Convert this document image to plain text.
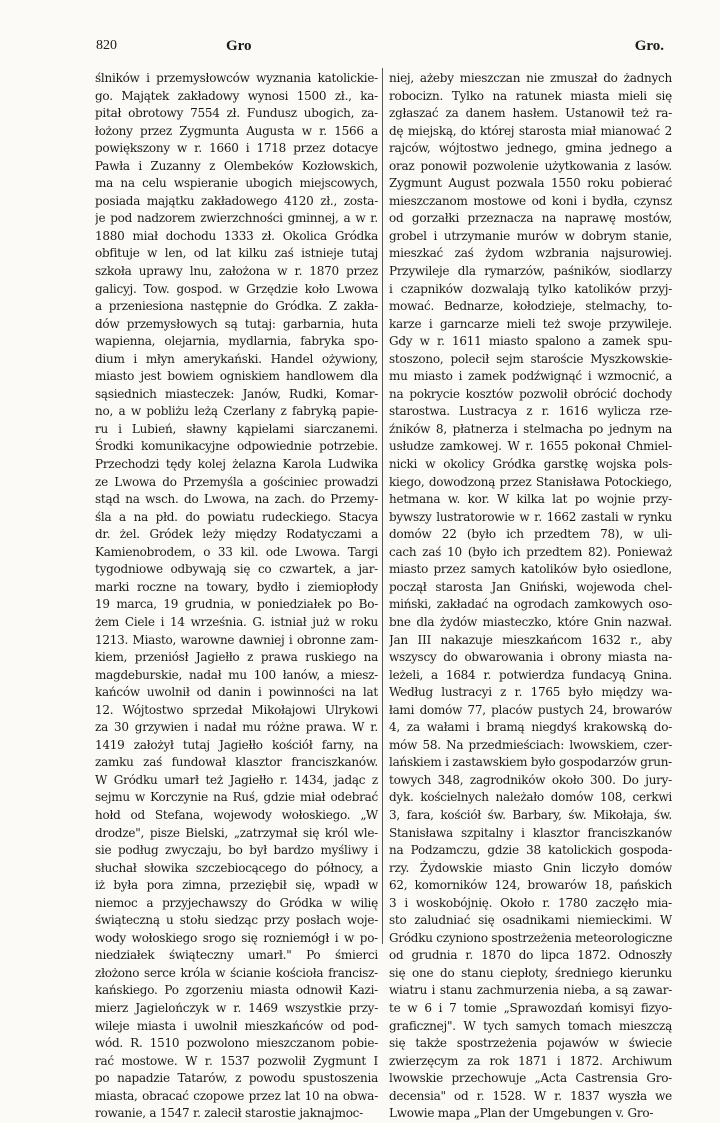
820	Gro	Gro.
ślników i przemysłowców wyznania katolickie-
go. Majątek zakładowy wynosi 1500 zł., ka-
pitał obrotowy 7554 zł. Fundusz ubogich, za-
łożony przez Zygmunta Augusta w r. 1566 a
powiększony w r. 1660 i 1718 przez dotacye
Pawła i Zuzanny z Olembeków Kozłowskich,
ma na celu wspieranie ubogich miejscowych,
posiada majątku zakładowego 4120 zł., zosta-
je pod nadzorem zwierzchności gminnej, a w r.
1880 miał dochodu 1333 zł. Okolica Gródka
obfituje w len, od lat kilku zaś istnieje tutaj
szkoła uprawy lnu, założona w r. 1870 przez
galicyj. Tow. gospod. w Grzędzie koło Lwowa
a przeniesiona następnie do Gródka. Z zakła-
dów przemysłowych są tutaj: garbarnia, huta
wapienna, olejarnia, mydlarnia, fabryka spo-
dium i młyn amerykański. Handel ożywiony,
miasto jest bowiem ogniskiem handlowem dla
sąsiednich miasteczek: Janów, Rudki, Komar-
no, a w pobliżu leżą Czerlany z fabryką papie-
ru i Lubień, sławny kąpielami siarczanemi.
Środki komunikacyjne odpowiednie potrzebie.
Przechodzi tędy kolej żelazna Karola Ludwika
ze Lwowa do Przemyśla a gościniec prowadzi
stąd na wsch. do Lwowa, na zach. do Przemy-
śla a na płd. do powiatu rudeckiego. Stacya
dr. żel. Gródek leży między Rodatyczami a
Kamienobrodem, o 33 kil. ode Lwowa. Targi
tygodniowe odbywają się co czwartek, a jar-
marki roczne na towary, bydło i ziemiopłody
19 marca, 19 grudnia, w poniedziałek po Bo-
żem Ciele i 14 września. G. istniał już w roku
1213. Miasto, warowne dawniej i obronne zam-
kiem, przeniósł Jagiełło z prawa ruskiego na
magdeburskie, nadał mu 100 łanów, a miesz-
kańców uwolnił od danin i powinności na lat
12. Wójtostwo sprzedał Mikołajowi Ulrykowi
za 30 grzywien i nadał mu różne prawa. W r.
1419 założył tutaj Jagiełło kościół farny, na
zamku zaś fundował klasztor franciszkanów.
W Gródku umarł też Jagiełło r. 1434, jadąc z
sejmu w Korczynie na Ruś, gdzie miał odebrać
hołd od Stefana, wojewody wołoskiego. „W
drodze", pisze Bielski, „zatrzymał się król wle-
sie podług zwyczaju, bo był bardzo myśliwy i
słuchał słowika szczebiocącego do północy, a
iż była pora zimna, przeziębił się, wpadł w
niemoc a przyjechawszy do Gródka w wilię
świąteczną u stołu siedząc przy posłach woje-
wody wołoskiego srogo się rozniemógł i w po-
niedziałek świąteczny umarł." Po śmierci
złożono serce króla w ścianie kościoła francisz-
kańskiego. Po zgorzeniu miasta odnowił Kazi-
mierz Jagielończyk w r. 1469 wszystkie przy-
wileje miasta i uwolnił mieszkańców od pod-
wód. R. 1510 pozwolono mieszczanom pobie-
rać mostowe. W r. 1537 pozwolił Zygmunt I
po napadzie Tatarów, z powodu spustoszenia
miasta, obracać czopowe przez lat 10 na obwa-
rowanie, a 1547 r. zalecił starostie jaknajmoc-
niej, ażeby mieszczan nie zmuszał do żadnych
robocizn. Tylko na ratunek miasta mieli się
zgłaszać za danem hasłem. Ustanowił też ra-
dę miejską, do której starosta miał mianować 2
rajców, wójtostwo jednego, gmina jednego a
oraz ponowił pozwolenie użytkowania z lasów.
Zygmunt August pozwala 1550 roku pobierać
mieszczanom mostowe od koni i bydła, czynsz
od gorzałki przeznacza na naprawę mostów,
grobel i utrzymanie murów w dobrym stanie,
mieszkać zaś żydom wzbrania najsurowiej.
Przywileje dla rymarzów, paśników, siodlarzy
i czapników dozwalają tylko katolików przyj-
mować. Bednarze, kołodzieje, stelmachy, to-
karze i garncarze mieli też swoje przywileje.
Gdy w r. 1611 miasto spalono a zamek spu-
stoszono, polecił sejm staroście Myszkowskie-
mu miasto i zamek podźwignąć i wzmocnić, a
na pokrycie kosztów pozwolił obrócić dochody
starostwa. Lustracya z r. 1616 wylicza rze-
źników 8, płatnerza i stelmacha po jednym na
usłudze zamkowej. W r. 1655 pokonał Chmiel-
nicki w okolicy Gródka garstkę wojska pols-
kiego, dowodzoną przez Stanisława Potockiego,
hetmana w. kor. W kilka lat po wojnie przy-
bywszy lustratorowie w r. 1662 zastali w rynku
domów 22 (było ich przedtem 78), w uli-
cach zaś 10 (było ich przedtem 82). Ponieważ
miasto przez samych katolików było osiedlone,
począł starosta Jan Gniński, wojewoda chel-
miński, zakładać na ogrodach zamkowych oso-
bne dla żydów miasteczko, które Gnin nazwał.
Jan III nakazuje mieszkańcom 1632 r., aby
wszyscy do obwarowania i obrony miasta na-
leżeli, a 1684 r. potwierdza fundacyą Gnina.
Według lustracyi z r. 1765 było między wa-
łami domów 77, placów pustych 24, browarów
4, za wałami i bramą niegdyś krakowską do-
mów 58. Na przedmieściach: lwowskiem, czer-
lańskiem i zastawskiem było gospodarzów grun-
towych 348, zagrodników około 300. Do jury-
dyk. kościelnych należało domów 108, cerkwi
3, fara, kościół św. Barbary, św. Mikołaja, św.
Stanisława szpitalny i klasztor franciszkanów
na Podzamczu, gdzie 38 katolickich gospoda-
rzy. Żydowskie miasto Gnin liczyło domów
62, komorników 124, browarów 18, pańskich
3 i woskobójnię. Około r. 1780 zaczęło mia-
sto zaludniać się osadnikami niemieckimi. W
Gródku czyniono spostrzeżenia meteorologiczne
od grudnia r. 1870 do lipca 1872. Odnoszły
się one do stanu ciepłoty, średniego kierunku
wiatru i stanu zachmurzenia nieba, a są zawar-
te w 6 i 7 tomie „Sprawozdań komisyi fizyo-
graficznej". W tych samych tomach mieszczą
się także spostrzeżenia pojawów w świecie
zwierzęcym za rok 1871 i 1872. Archiwum
lwowskie przechowuje „Acta Castrensia Gro-
decensia" od r. 1528. W r. 1837 wyszła we
Lwowie mapa „Plan der Umgebungen v. Gro-
